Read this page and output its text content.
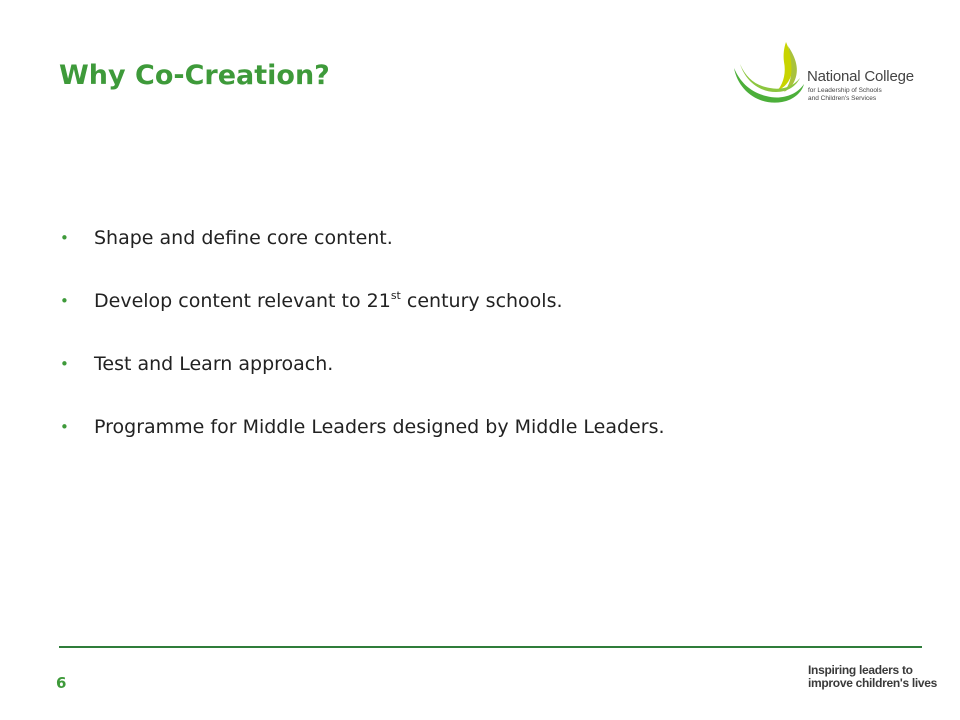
Why Co-Creation?	National College
for Leadership of Schools
and Children's Services
• Shape and define core content.
• Develop content relevant to 21st century schools.
• Test and Learn approach.
• Programme for Middle Leaders designed by Middle Leaders.
6
Inspiring leaders to
improve children's lives
